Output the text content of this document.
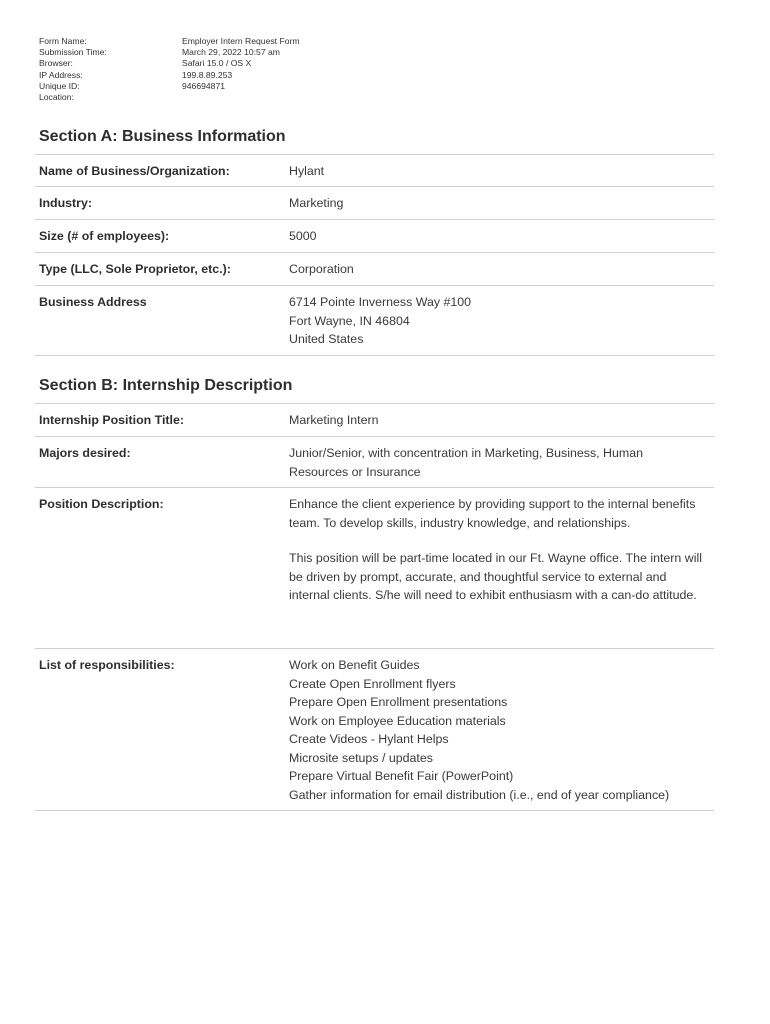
Form Name:	Employer Intern Request Form
Submission Time:	March 29, 2022 10:57 am
Browser:	Safari 15.0 / OS X
IP Address:	199.8.89.253
Unique ID:	946694871
Location:
Section A: Business Information
Name of Business/Organization:	Hylant
Industry:	Marketing
Size (# of employees):	5000
Type (LLC, Sole Proprietor, etc.):	Corporation
Business Address	6714 Pointe Inverness Way #100
Fort Wayne, IN 46804
United States
Section B: Internship Description
Internship Position Title:	Marketing Intern
Majors desired:	Junior/Senior, with concentration in Marketing, Business, Human
Resources or Insurance
Position Description:	Enhance the client experience by providing support to the internal benefits
team. To develop skills, industry knowledge, and relationships.
This position will be part-time located in our Ft. Wayne office. The intern will
be driven by prompt, accurate, and thoughtful service to external and
internal clients. S/he will need to exhibit enthusiasm with a can-do attitude.
List of responsibilities:	Work on Benefit Guides
Create Open Enrollment flyers
Prepare Open Enrollment presentations
Work on Employee Education materials
Create Videos - Hylant Helps
Microsite setups / updates
Prepare Virtual Benefit Fair (PowerPoint)
Gather information for email distribution (i.e., end of year compliance)
